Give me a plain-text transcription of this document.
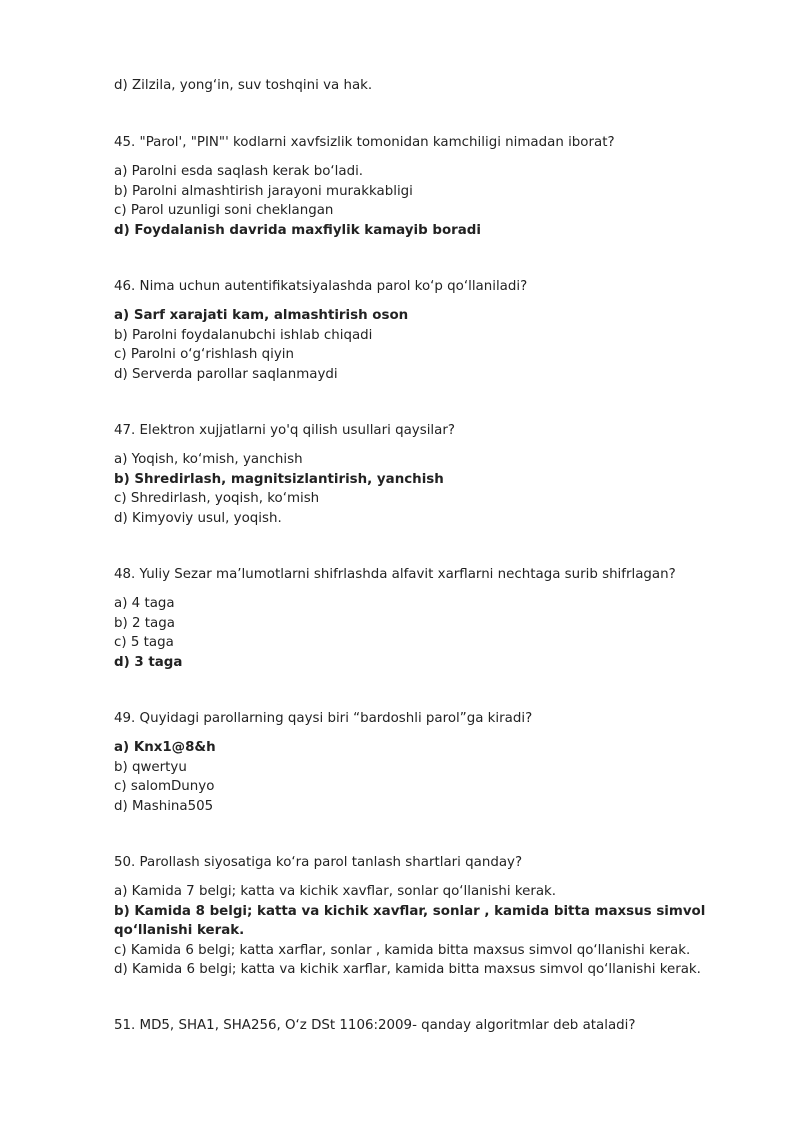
d) Zilzila, yong‘in, suv toshqini va hak.
45. "Parol', "PIN"' kodlarni xavfsizlik tomonidan kamchiligi nimadan iborat?
a) Parolni esda saqlash kerak bo‘ladi.
b) Parolni almashtirish jarayoni murakkabligi
c) Parol uzunligi soni cheklangan
d) Foydalanish davrida maxfiylik kamayib boradi
46. Nima uchun autentifikatsiyalashda parol ko‘p qo‘llaniladi?
a) Sarf xarajati kam, almashtirish oson
b) Parolni foydalanubchi ishlab chiqadi
c) Parolni o‘g‘rishlash qiyin
d) Serverda parollar saqlanmaydi
47. Elektron xujjatlarni yo'q qilish usullari qaysilar?
a) Yoqish, ko‘mish, yanchish
b) Shredirlash, magnitsizlantirish, yanchish
c) Shredirlash, yoqish, ko‘mish
d) Kimyoviy usul, yoqish.
48. Yuliy Sezar ma’lumotlarni shifrlashda alfavit xarflarni nechtaga surib shifrlagan?
a) 4 taga
b) 2 taga
c) 5 taga
d) 3 taga
49. Quyidagi parollarning qaysi biri “bardoshli parol”ga kiradi?
a) Knx1@8&h
b) qwertyu
c) salomDunyo
d) Mashina505
50. Parollash siyosatiga ko‘ra parol tanlash shartlari qanday?
a) Kamida 7 belgi; katta va kichik xavflar, sonlar qo‘llanishi kerak.
b) Kamida 8 belgi; katta va kichik xavflar, sonlar , kamida bitta maxsus simvol qo‘llanishi kerak.
c) Kamida 6 belgi; katta xarflar, sonlar , kamida bitta maxsus simvol qo‘llanishi kerak.
d) Kamida 6 belgi; katta va kichik xarflar, kamida bitta maxsus simvol qo‘llanishi kerak.
51. MD5, SHA1, SHA256, O‘z DSt 1106:2009- qanday algoritmlar deb ataladi?
